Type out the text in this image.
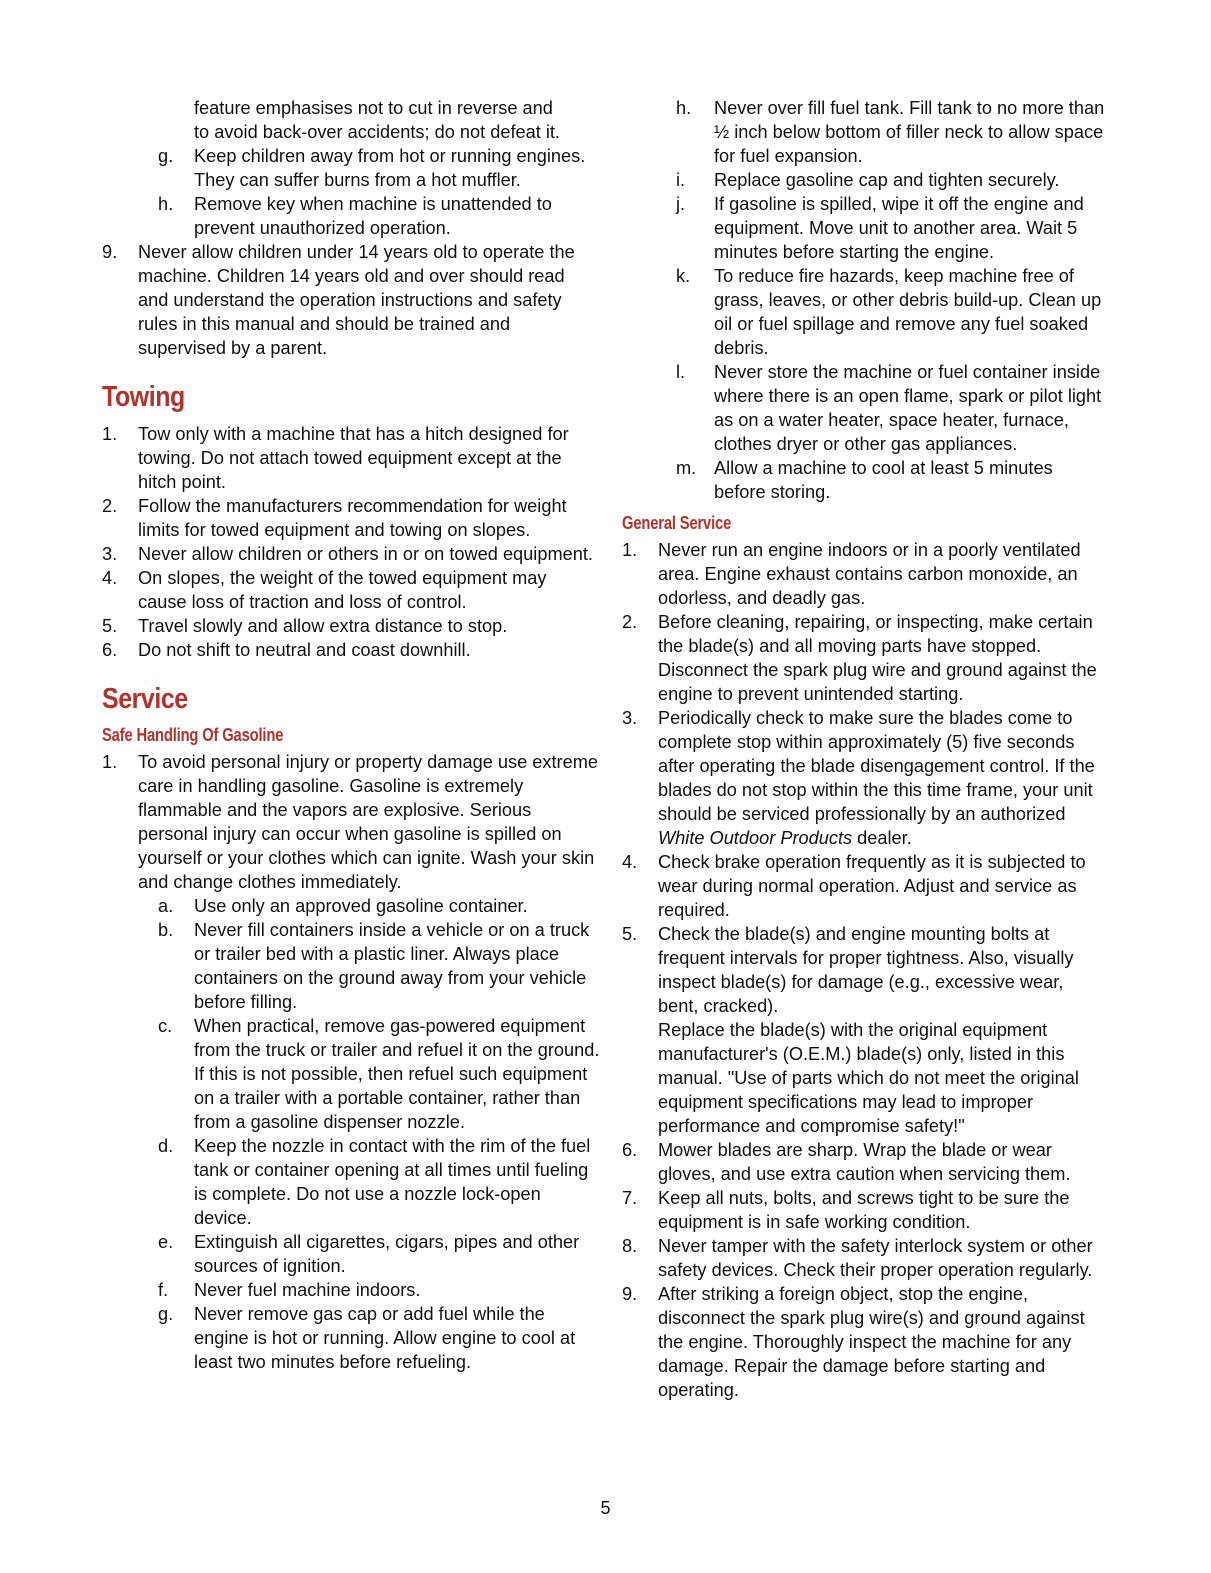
feature emphasises not to cut in reverse and
to avoid back-over accidents; do not defeat it.
g.	Keep children away from hot or running engines. They can suffer burns from a hot muffler.
h.	Remove key when machine is unattended to prevent unauthorized operation.
9.	Never allow children under 14 years old to operate the machine. Children 14 years old and over should read and understand the operation instructions and safety rules in this manual and should be trained and supervised by a parent.
Towing
1.	Tow only with a machine that has a hitch designed for towing. Do not attach towed equipment except at the hitch point.
2.	Follow the manufacturers recommendation for weight limits for towed equipment and towing on slopes.
3.	Never allow children or others in or on towed equipment.
4.	On slopes, the weight of the towed equipment may cause loss of traction and loss of control.
5.	Travel slowly and allow extra distance to stop.
6.	Do not shift to neutral and coast downhill.
Service
Safe Handling Of Gasoline
1.	To avoid personal injury or property damage use extreme care in handling gasoline. Gasoline is extremely flammable and the vapors are explosive. Serious personal injury can occur when gasoline is spilled on yourself or your clothes which can ignite. Wash your skin and change clothes immediately.
a.	Use only an approved gasoline container.
b.	Never fill containers inside a vehicle or on a truck or trailer bed with a plastic liner. Always place containers on the ground away from your vehicle before filling.
c.	When practical, remove gas-powered equipment from the truck or trailer and refuel it on the ground. If this is not possible, then refuel such equipment on a trailer with a portable container, rather than from a gasoline dispenser nozzle.
d.	Keep the nozzle in contact with the rim of the fuel tank or container opening at all times until fueling is complete. Do not use a nozzle lock-open device.
e.	Extinguish all cigarettes, cigars, pipes and other sources of ignition.
f.	Never fuel machine indoors.
g.	Never remove gas cap or add fuel while the engine is hot or running. Allow engine to cool at least two minutes before refueling.
h.	Never over fill fuel tank. Fill tank to no more than ½ inch below bottom of filler neck to allow space for fuel expansion.
i.	Replace gasoline cap and tighten securely.
j.	If gasoline is spilled, wipe it off the engine and equipment. Move unit to another area. Wait 5 minutes before starting the engine.
k.	To reduce fire hazards, keep machine free of grass, leaves, or other debris build-up. Clean up oil or fuel spillage and remove any fuel soaked debris.
l.	Never store the machine or fuel container inside where there is an open flame, spark or pilot light as on a water heater, space heater, furnace, clothes dryer or other gas appliances.
m. Allow a machine to cool at least 5 minutes before storing.
General Service
1.	Never run an engine indoors or in a poorly ventilated area. Engine exhaust contains carbon monoxide, an odorless, and deadly gas.
2.	Before cleaning, repairing, or inspecting, make certain the blade(s) and all moving parts have stopped. Disconnect the spark plug wire and ground against the engine to prevent unintended starting.
3.	Periodically check to make sure the blades come to complete stop within approximately (5) five seconds after operating the blade disengagement control. If the blades do not stop within the this time frame, your unit should be serviced professionally by an authorized White Outdoor Products dealer.
4.	Check brake operation frequently as it is subjected to wear during normal operation. Adjust and service as required.
5.	Check the blade(s) and engine mounting bolts at frequent intervals for proper tightness. Also, visually inspect blade(s) for damage (e.g., excessive wear, bent, cracked).
Replace the blade(s) with the original equipment manufacturer's (O.E.M.) blade(s) only, listed in this manual. "Use of parts which do not meet the original equipment specifications may lead to improper performance and compromise safety!"
6.	Mower blades are sharp. Wrap the blade or wear gloves, and use extra caution when servicing them.
7.	Keep all nuts, bolts, and screws tight to be sure the equipment is in safe working condition.
8.	Never tamper with the safety interlock system or other safety devices. Check their proper operation regularly.
9.	After striking a foreign object, stop the engine, disconnect the spark plug wire(s) and ground against the engine. Thoroughly inspect the machine for any damage. Repair the damage before starting and operating.
5
